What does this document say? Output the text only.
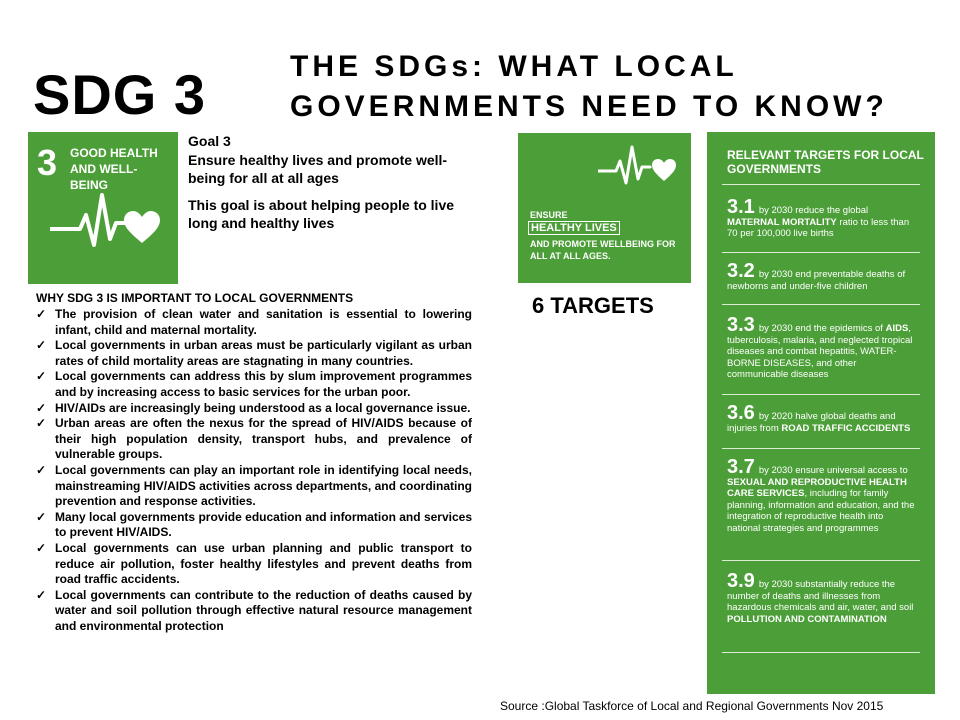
SDG 3	THE SDGs: WHAT LOCAL
GOVERNMENTS NEED TO KNOW?
3 GOOD HEALTH AND WELL-BEING
Goal 3
Ensure healthy lives and promote well-being for all at all ages
This goal is about helping people to live long and healthy lives
WHY SDG 3 IS IMPORTANT TO LOCAL GOVERNMENTS
✓ The provision of clean water and sanitation is essential to lowering infant, child and maternal mortality.
✓ Local governments in urban areas must be particularly vigilant as urban rates of child mortality areas are stagnating in many countries.
✓ Local governments can address this by slum improvement programmes and by increasing access to basic services for the urban poor.
✓ HIV/AIDs are increasingly being understood as a local governance issue.
✓ Urban areas are often the nexus for the spread of HIV/AIDS because of their high population density, transport hubs, and prevalence of vulnerable groups.
✓ Local governments can play an important role in identifying local needs, mainstreaming HIV/AIDS activities across departments, and coordinating prevention and response activities.
✓ Many local governments provide education and information and services to prevent HIV/AIDS.
✓ Local governments can use urban planning and public transport to reduce air pollution, foster healthy lifestyles and prevent deaths from road traffic accidents.
✓ Local governments can contribute to the reduction of deaths caused by water and soil pollution through effective natural resource management and environmental protection
ENSURE
HEALTHY LIVES
AND PROMOTE WELLBEING FOR ALL AT ALL AGES.
6 TARGETS
RELEVANT TARGETS FOR LOCAL GOVERNMENTS
3.1 by 2030 reduce the global MATERNAL MORTALITY ratio to less than 70 per 100,000 live births
3.2 by 2030 end preventable deaths of newborns and under-five children
3.3 by 2030 end the epidemics of AIDS, tuberculosis, malaria, and neglected tropical diseases and combat hepatitis, WATER-BORNE DISEASES, and other communicable diseases
3.6 by 2020 halve global deaths and injuries from ROAD TRAFFIC ACCIDENTS
3.7 by 2030 ensure universal access to SEXUAL AND REPRODUCTIVE HEALTH CARE SERVICES, including for family planning, information and education, and the integration of reproductive health into national strategies and programmes
3.9 by 2030 substantially reduce the number of deaths and illnesses from hazardous chemicals and air, water, and soil POLLUTION AND CONTAMINATION
Source :Global Taskforce of Local and Regional Governments Nov 2015
